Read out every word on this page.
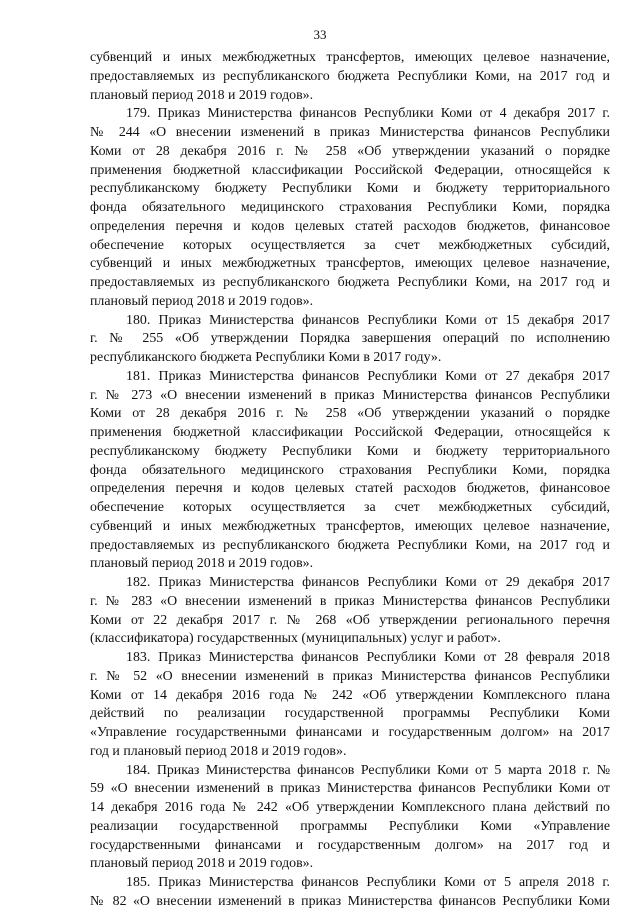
33
субвенций и иных межбюджетных трансфертов, имеющих целевое назначение,
предоставляемых из республиканского бюджета Республики Коми, на 2017 год и
плановый период 2018 и 2019 годов».
179. Приказ Министерства финансов Республики Коми от 4 декабря 2017 г.
№ 244 «О внесении изменений в приказ Министерства финансов Республики
Коми от 28 декабря 2016 г. № 258 «Об утверждении указаний о порядке
применения бюджетной классификации Российской Федерации, относящейся к
республиканскому бюджету Республики Коми и бюджету территориального
фонда обязательного медицинского страхования Республики Коми, порядка
определения перечня и кодов целевых статей расходов бюджетов, финансовое
обеспечение которых осуществляется за счет межбюджетных субсидий,
субвенций и иных межбюджетных трансфертов, имеющих целевое назначение,
предоставляемых из республиканского бюджета Республики Коми, на 2017 год и
плановый период 2018 и 2019 годов».
180. Приказ Министерства финансов Республики Коми от 15 декабря 2017
г. № 255 «Об утверждении Порядка завершения операций по исполнению
республиканского бюджета Республики Коми в 2017 году».
181. Приказ Министерства финансов Республики Коми от 27 декабря 2017
г. № 273 «О внесении изменений в приказ Министерства финансов Республики
Коми от 28 декабря 2016 г. № 258 «Об утверждении указаний о порядке
применения бюджетной классификации Российской Федерации, относящейся к
республиканскому бюджету Республики Коми и бюджету территориального
фонда обязательного медицинского страхования Республики Коми, порядка
определения перечня и кодов целевых статей расходов бюджетов, финансовое
обеспечение которых осуществляется за счет межбюджетных субсидий,
субвенций и иных межбюджетных трансфертов, имеющих целевое назначение,
предоставляемых из республиканского бюджета Республики Коми, на 2017 год и
плановый период 2018 и 2019 годов».
182. Приказ Министерства финансов Республики Коми от 29 декабря 2017
г. № 283 «О внесении изменений в приказ Министерства финансов Республики
Коми от 22 декабря 2017 г. № 268 «Об утверждении регионального перечня
(классификатора) государственных (муниципальных) услуг и работ».
183. Приказ Министерства финансов Республики Коми от 28 февраля 2018
г. № 52 «О внесении изменений в приказ Министерства финансов Республики
Коми от 14 декабря 2016 года № 242 «Об утверждении Комплексного плана
действий по реализации государственной программы Республики Коми
«Управление государственными финансами и государственным долгом» на 2017
год и плановый период 2018 и 2019 годов».
184. Приказ Министерства финансов Республики Коми от 5 марта 2018 г. №
59 «О внесении изменений в приказ Министерства финансов Республики Коми от
14 декабря 2016 года № 242 «Об утверждении Комплексного плана действий по
реализации государственной программы Республики Коми «Управление
государственными финансами и государственным долгом» на 2017 год и
плановый период 2018 и 2019 годов».
185. Приказ Министерства финансов Республики Коми от 5 апреля 2018 г.
№ 82 «О внесении изменений в приказ Министерства финансов Республики Коми
